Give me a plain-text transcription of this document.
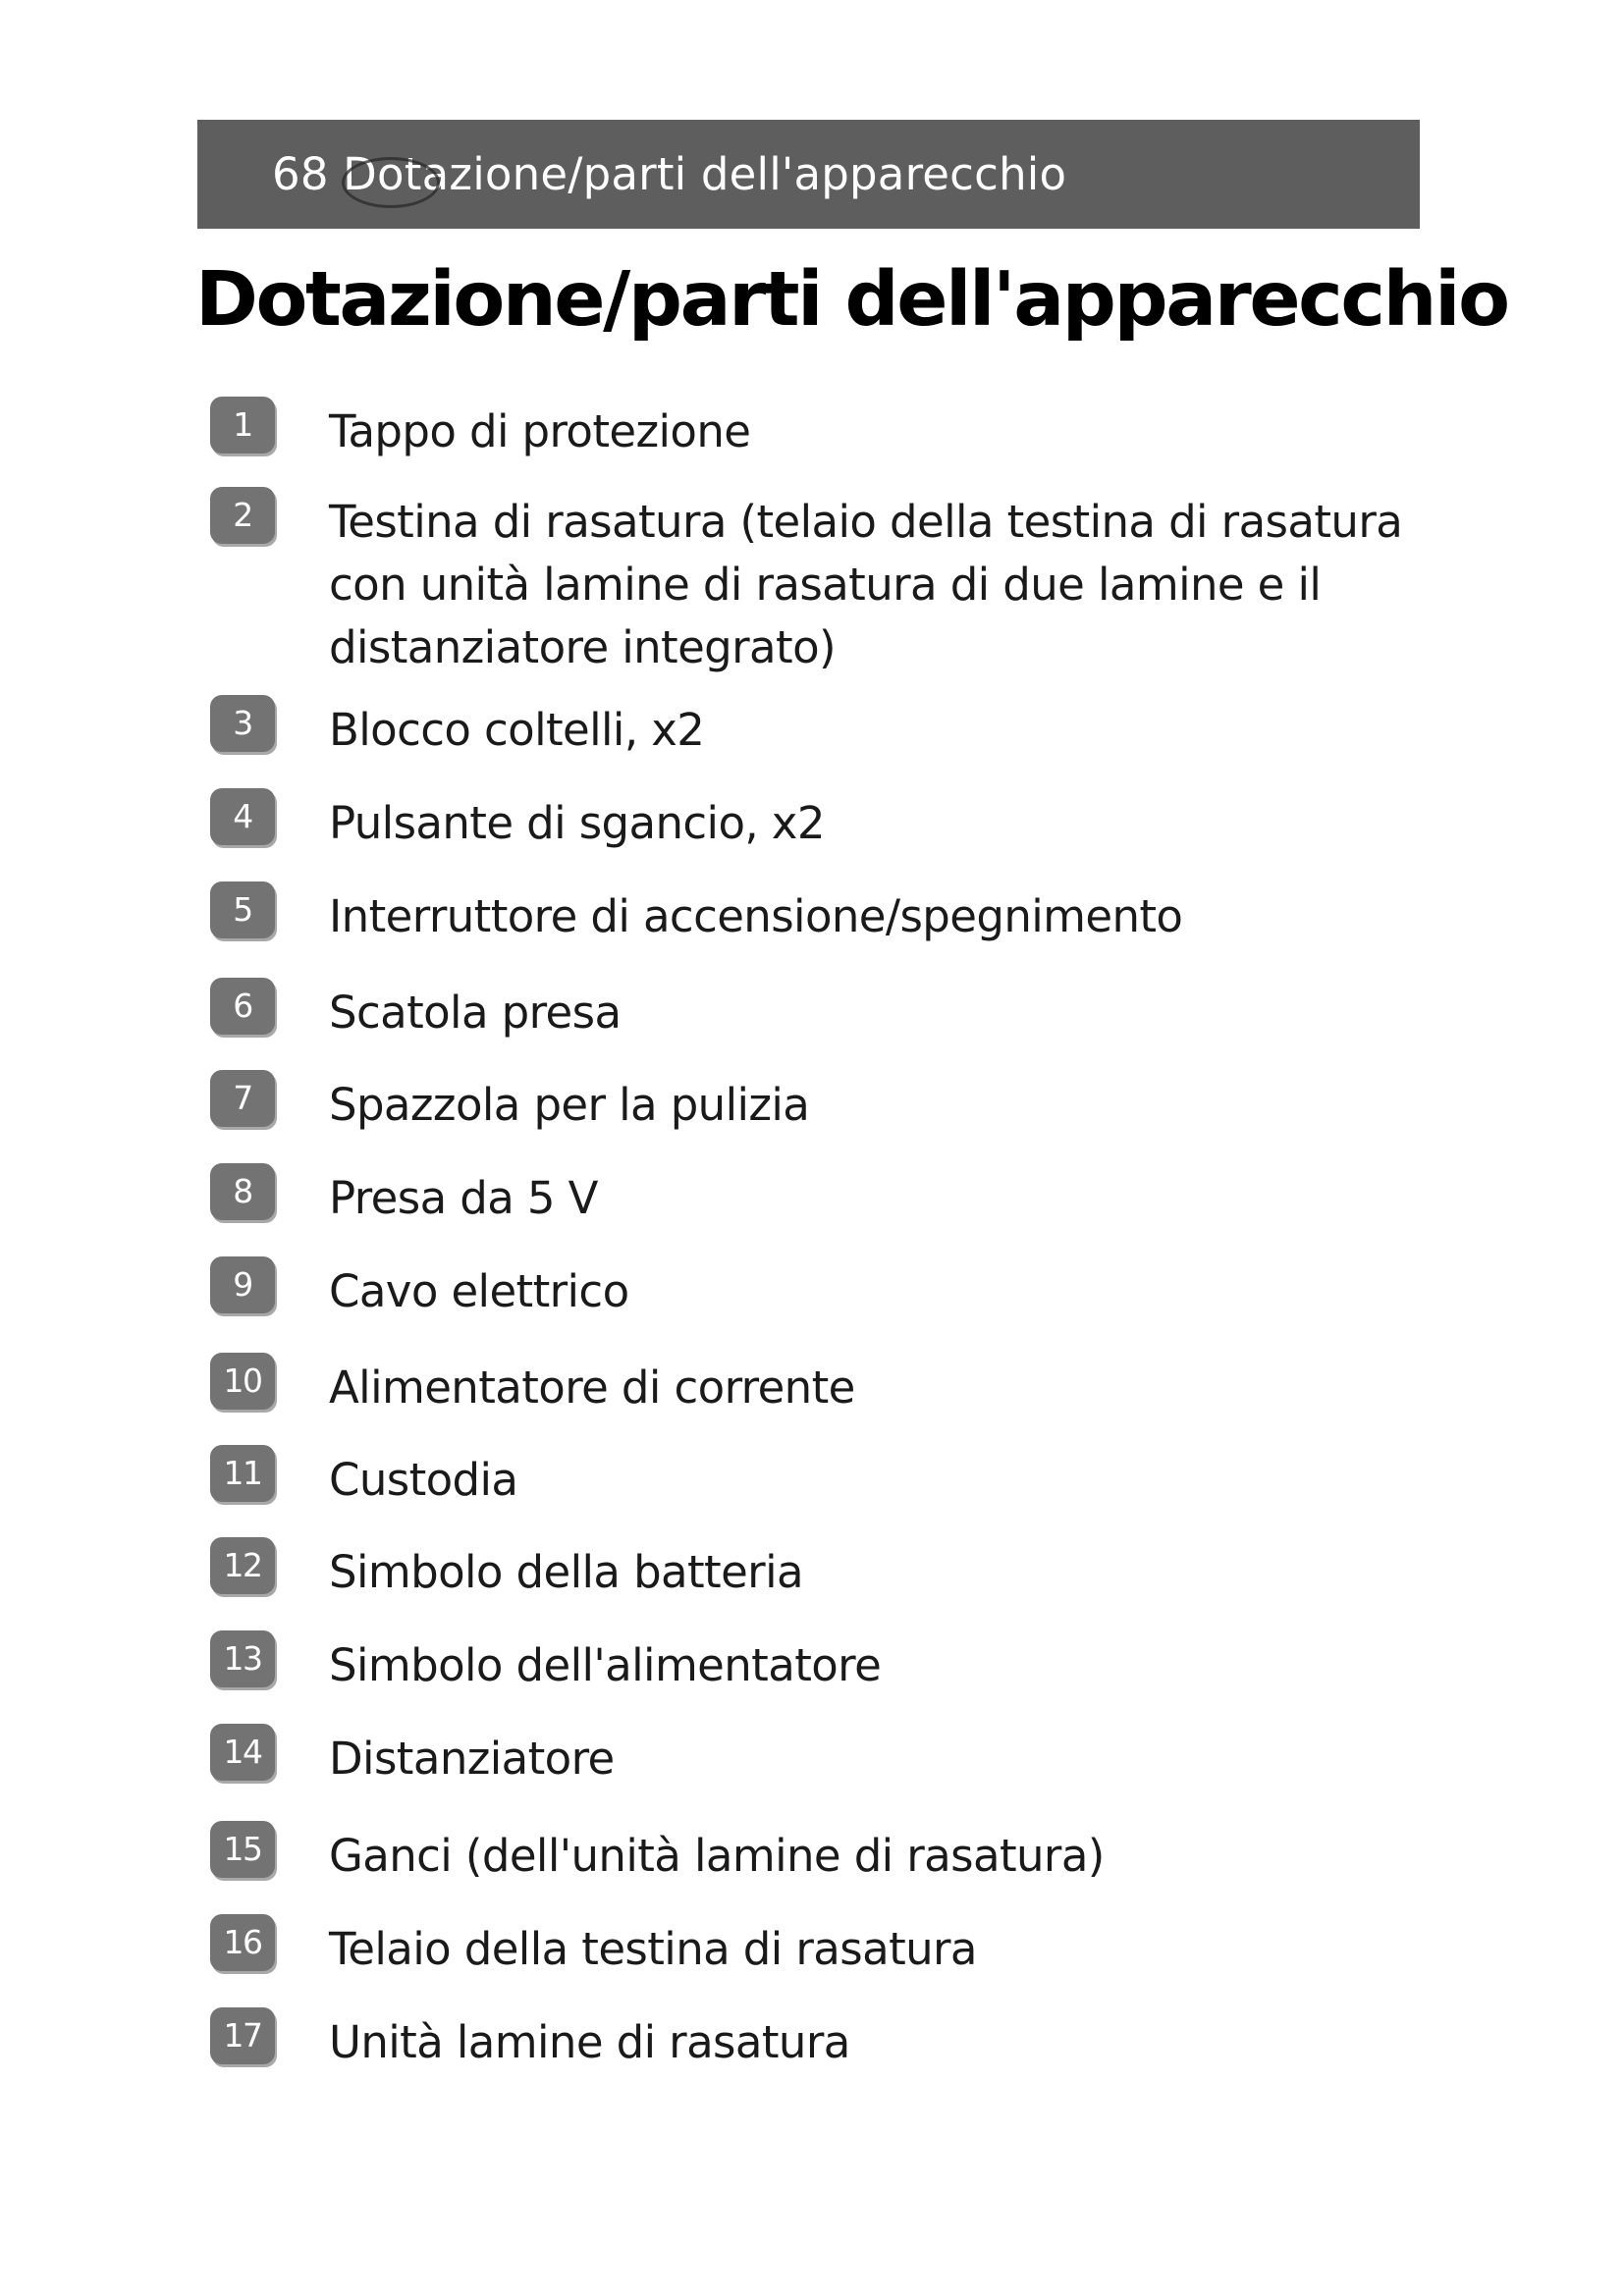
68 Dotazione/parti dell'apparecchio
Dotazione/parti dell'apparecchio
1	Tappo di protezione
2	Testina di rasatura (telaio della testina di rasatura con unità lamine di rasatura di due lamine e il distanziatore integrato)
3	Blocco coltelli, x2
4	Pulsante di sgancio, x2
5	Interruttore di accensione/spegnimento
6	Scatola presa
7	Spazzola per la pulizia
8	Presa da 5 V
9	Cavo elettrico
10	Alimentatore di corrente
11	Custodia
12	Simbolo della batteria
13	Simbolo dell'alimentatore
14	Distanziatore
15	Ganci (dell'unità lamine di rasatura)
16	Telaio della testina di rasatura
17	Unità lamine di rasatura
